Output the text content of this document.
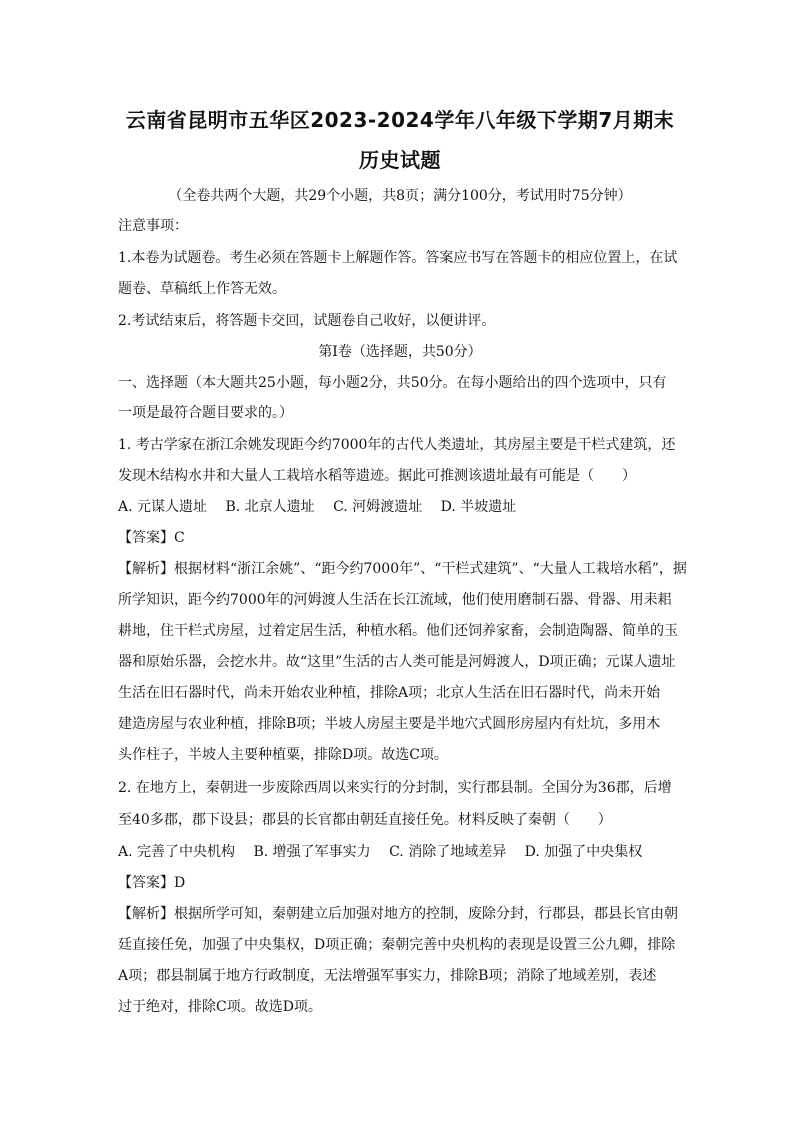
云南省昆明市五华区2023-2024学年八年级下学期7月期末
历史试题
（全卷共两个大题，共29个小题，共8页；满分100分，考试用时75分钟）
注意事项：
1.本卷为试题卷。考生必须在答题卡上解题作答。答案应书写在答题卡的相应位置上，在试
题卷、草稿纸上作答无效。
2.考试结束后，将答题卡交回，试题卷自己收好，以便讲评。
第Ⅰ卷（选择题，共50分）
一、选择题（本大题共25小题，每小题2分，共50分。在每小题给出的四个选项中，只有
一项是最符合题目要求的。）
1. 考古学家在浙江余姚发现距今约7000年的古代人类遗址，其房屋主要是干栏式建筑，还
发现木结构水井和大量人工栽培水稻等遗迹。据此可推测该遗址最有可能是（　　）
A. 元谋人遗址　 B. 北京人遗址　 C. 河姆渡遗址　 D. 半坡遗址
【答案】C
【解析】根据材料“浙江余姚”、“距今约7000年”、“干栏式建筑”、“大量人工栽培水稻”，据
所学知识，距今约7000年的河姆渡人生活在长江流域，他们使用磨制石器、骨器、用耒耜
耕地，住干栏式房屋，过着定居生活，种植水稻。他们还饲养家畜，会制造陶器、简单的玉
器和原始乐器，会挖水井。故“这里”生活的古人类可能是河姆渡人，D项正确；元谋人遗址
生活在旧石器时代，尚未开始农业种植，排除A项；北京人生活在旧石器时代，尚未开始
建造房屋与农业种植，排除B项；半坡人房屋主要是半地穴式圆形房屋内有灶坑，多用木
头作柱子，半坡人主要种植粟，排除D项。故选C项。
2. 在地方上，秦朝进一步废除西周以来实行的分封制，实行郡县制。全国分为36郡，后增
至40多郡，郡下设县；郡县的长官都由朝廷直接任免。材料反映了秦朝（　　）
A. 完善了中央机构　 B. 增强了军事实力　 C. 消除了地域差异　 D. 加强了中央集权
【答案】D
【解析】根据所学可知，秦朝建立后加强对地方的控制，废除分封，行郡县，郡县长官由朝
廷直接任免，加强了中央集权，D项正确；秦朝完善中央机构的表现是设置三公九卿，排除
A项；郡县制属于地方行政制度，无法增强军事实力，排除B项；消除了地域差别，表述
过于绝对，排除C项。故选D项。
